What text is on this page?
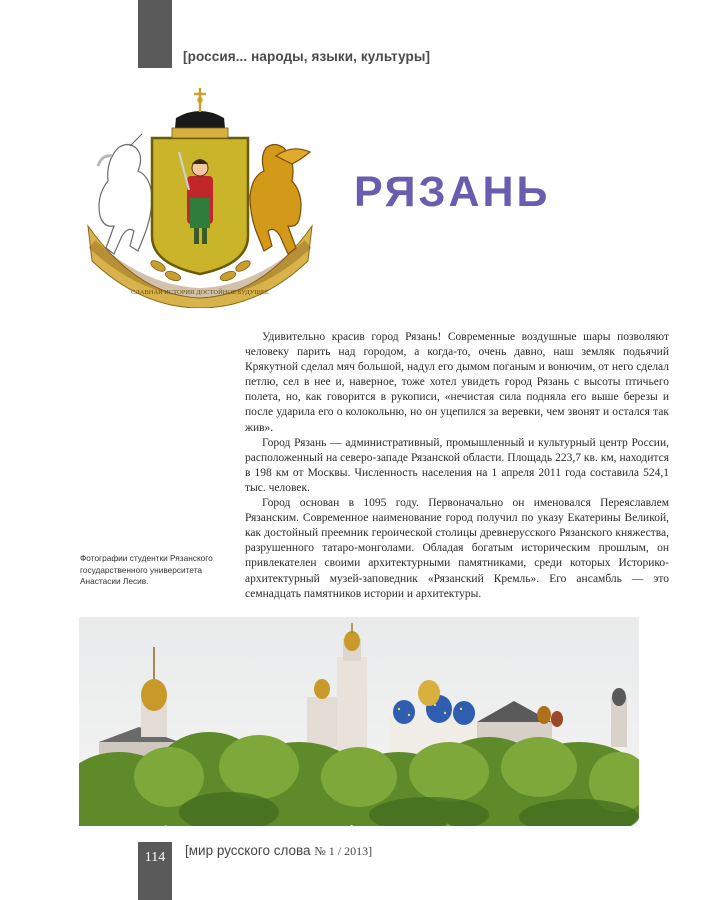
[россия... народы, языки, культуры]
СЛАВНАЯ ИСТОРИЯ ДОСТОЙНОЕ БУДУЩЕЕ
РЯЗАНЬ

Удивительно красив город Рязань! Современные воздушные шары позволяют человеку парить над городом, а когда-то, очень давно, наш земляк подьячий Крякутной сделал мяч большой, надул его дымом поганым и вонючим, от него сделал петлю, сел в нее и, наверное, тоже хотел увидеть город Рязань с высоты птичьего полета, но, как говорится в рукописи, «нечистая сила подняла его выше березы и после ударила его о колокольню, но он уцепился за веревки, чем звонят и остался так жив».

Город Рязань — административный, промышленный и культурный центр России, расположенный на северо-западе Рязанской области. Площадь 223,7 кв. км, находится в 198 км от Москвы. Численность населения на 1 апреля 2011 года составила 524,1 тыс. человек.

Город основан в 1095 году. Первоначально он именовался Переяславлем Рязанским. Современное наименование город получил по указу Екатерины Великой, как достойный преемник героической столицы древнерусского Рязанского княжества, разрушенного татаро-монголами. Обладая богатым историческим прошлым, он привлекателен своими архитектурными памятниками, среди которых Историко-архитектурный музей-заповедник «Рязанский Кремль». Его ансамбль — это семнадцать памятников истории и архитектуры.

Фотографии студентки Рязанского государственного университета Анастасии Лесив.
114	[мир русского слова № 1 / 2013]
